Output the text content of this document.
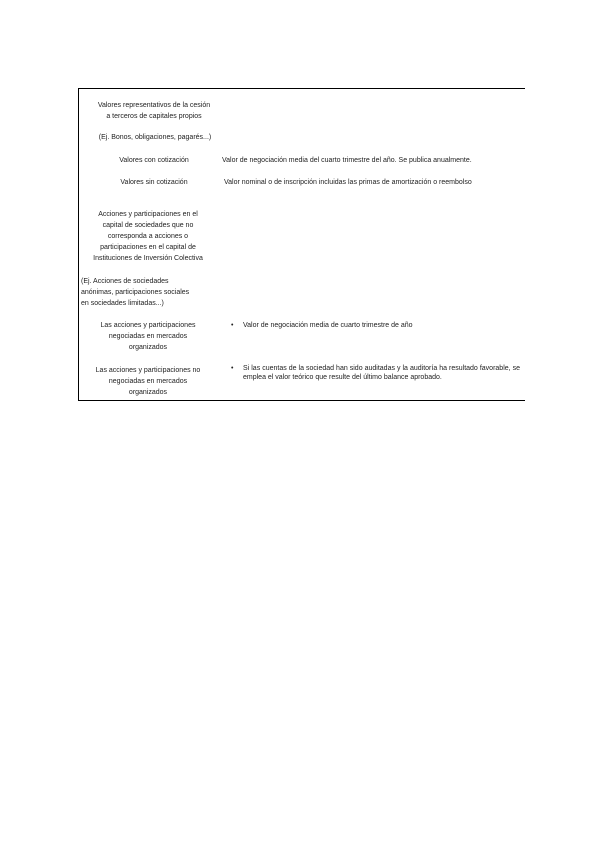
Valores representativos de la cesión
a terceros de capitales propios
(Ej. Bonos, obligaciones, pagarés...)
Valores con cotización	Valor de negociación media del cuarto trimestre del año. Se publica anualmente.
Valores sin cotización	Valor nominal o de inscripción incluidas las primas de amortización o reembolso
Acciones y participaciones en el
capital de sociedades que no
corresponda a acciones o
participaciones en el capital de
Instituciones de Inversión Colectiva
(Ej. Acciones de sociedades
anónimas, participaciones sociales
en sociedades limitadas...)
Las acciones y participaciones
negociadas en mercados
organizados
• Valor de negociación media de cuarto trimestre de año
Las acciones y participaciones no
negociadas en mercados
organizados
• Si las cuentas de la sociedad han sido auditadas y la auditoría ha resultado favorable, se emplea el valor teórico que resulte del último balance aprobado.
